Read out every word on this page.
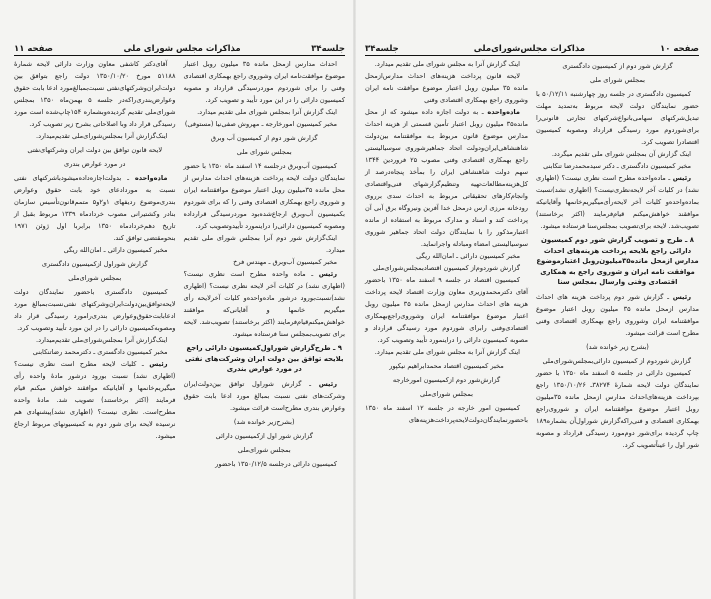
صفحه ۱۱	مذاکرات مجلس شورای ملی	جلسه۳۴
احداث مدارس ازمحل مانده ۳۵ میلیون روبل اعتبار موضوع موافقت‌نامه ایران وشوروی راجع بهمکاری اقتصادی وفنی را برای شوردوم موردرسیدگی قرارداد و مصوبه کمیسیون دارائی را در این مورد تأیید و تصویب کرد.
اینک گزارش آنرا بمجلس شورای ملی تقدیم میدارد.
مخبر کمیسیون امورخارجه ـ مهروش صفی‌نیا (مستوفی)
گزارش شور دوم از کمیسیون آب وبرق
بمجلس شورای ملی
کمیسیون آب‌وبرق درجلسه ۱۴ اسفند ماه ۱۳۵۰ با حضور نمایندگان دولت لایحه پرداخت هزینه‌های احداث مدارس از محل مانده ۳۵میلیون روبل اعتبار موضوع موافقتنامه ایران و شوروی راجع بهمکاری اقتصادی وفنی را که برای شوردوم بکمیسیون آب‌وبرق ارجاع‌شده‌بود موردرسیدگی قرارداده ومصوبه کمیسیون دارائی‌را دراینمورد تأییدوتصویب کرد.
اینک‌گزارش شور دوم آنرا بمجلس شورای ملی تقدیم میدارد.
مخبر کمیسیون آب‌وبرق ـ مهندس فرخ
رئیس ـ ماده واحده مطرح است نظری نیست؟ (اظهاری نشد) در کلیات آخر لایحه نظری نیست؟ (اظهاری نشد)نسبت‌بورود درشور ماده‌واحده‌و کلیات آخرلایحه رأی میگیریم خانمها و آقایانی‌که موافقند خواهش‌میکنم‌قیام‌فرمایند (اکثر برخاستند) تصویب‌شد. لایحه برای تصویب‌بمجلس سنا فرستاده میشود.
۹ ـ طرح‌گزارش شوراول‌کمیسیون دارائی راجع بلایحه توافق بین دولت ایران وشرکت‌های نفتی در مورد عوارض بندری
رئیس ـ گزارش شوراول توافق بین‌دولت‌ایران وشرکت‌های نفتی نسبت بمبالغ مورد ادعا بابت حقوق وعوارض بندری مطرح‌است قرائت میشود.
(بشرح‌زیر خوانده شد)
گزارش شور اول ازکمیسیون دارائی
بمجلس شورای‌ملی
کمیسیون دارائی درجلسه ۱۳۵۰/۱۲/۵ باحضور
آقای‌دکتر کاشفی معاون وزارت دارائی لایحه شمارهٔ ۵۱۱۸۸ مورخ ۱۳۵۰/۱۰/۲۰ دولت راجع بتوافق بین دولت‌ایران‌وشرکتهای‌نفتی نسبت‌بمبالغ‌مورد ادعا بابت حقوق وعوارض‌بندری‌راکه‌در جلسه ۵ بهمن‌ماه ۱۳۵۰ بمجلس شورای‌ملی تقدیم گردیده‌وبشماره ۱۵۴چاپ‌شده است مورد رسیدگی قرار داد وبا اصلاحاتی بشرح زیر تصویب کرد.
اینک‌گزارش آنرا بمجلس‌شورای‌ملی تقدیم‌میدارد.
لایحه قانون توافق بین دولت ایران وشرکتهای‌نفتی
در مورد عوارض بندری
ماده‌واحده ـ بدولت‌اجازه‌داده‌میشود‌باشرکتهای نفتی نسبت به موردادعای خود بابت حقوق وعوارض بندری‌موضوع ردیفهای ۱و۲و۵ متمم‌قانون‌تأسیس سازمان بنادر وکشتیرانی مصوب خردادماه ۱۳۳۹ مربوط بقبل از تاریخ دهم‌خردادماه ۱۳۵۰ برابربا اول ژوئن ۱۹۷۱ بنحومقتضی توافق کند.
مخبر کمیسیون دارائی ـ امان‌الله ریگی
گزارش شوراول ازکمیسیون دادگستری
بمجلس شورای‌ملی
کمیسیون دادگستری باحضور نمایندگان دولت لایحه‌توافق‌بین‌دولت‌ایران‌وشرکتهای نفتی‌نسبت‌بمبالغ مورد ادعابابت‌حقوق‌وعوارض بندری‌رامورد رسیدگی قرار داد ومصوبه‌کمیسیون دارائی را در این مورد تأیید وتصویب کرد.
اینک‌گزارش آنرا بمجلس‌شورای‌ملی تقدیم‌میدارد.
مخبر کمیسیون دادگستری ـ دکترمحمد رضاتنکابنی
رئیس ـ کلیات لایحه مطرح است نظری نیست؟ (اظهاری نشد) نسبت بورود درشور مادهٔ واحده رأی میگیریم‌خانمها و آقایانیکه موافقند خواهش میکنم قیام فرمایند (اکثر برخاستند) تصویب شد. مادهٔ واحده مطرح‌است. نظری نیست؟ (اظهاری نشد)پیشنهادی هم نرسیده لایحه برای شور دوم به کمیسیونهای مربوط ارجاع میشود.
جلسه۳۴	مذاکرات مجلس‌شورای‌ملی	صفحه ۱۰
گزارش شور دوم از کمیسیون دادگستری
بمجلس شورای ملی
کمیسیون دادگستری در جلسه روز چهارشنبه ۵۰/۱۲/۱۱ با حضور نمایندگان دولت لایحه مربوط به‌تمدید مهلت تبدیل‌شرکتهای سهامی‌بانواع‌شرکتهای تجارتی قانونی‌را برای‌شوردوم مورد رسیدگی قرارداد ومصوبه کمیسیون اقتصادرا تصویب کرد.
اینک گزارش آن بمجلس شورای ملی تقدیم میگردد.
مخبر کمیسیون دادگستری ـ دکتر سیدمحمدرضا تنکابنی
رئیس ـ ماده‌واحده مطرح است نظری نیست؟ (اظهاری نشد) در کلیات آخر لایحه‌نظری‌نیست؟ (اظهاری نشد)نسبت بماده‌واحده‌و کلیات آخر لایحه‌رأی‌میگیریم‌خانمها وآقایانیکه موافقند خواهش‌میکنم قیام‌فرمایند (اکثر برخاستند) تصویب‌شد. لایحه برای‌تصویب بمجلس‌سنا فرستاده میشود.
۸ ـ طرح و تصویب گزارش شور دوم کمیسیون دارائی راجع بلایحه پرداخت هزینه‌های احداث مدارس ازمحل مانده۳۵میلیون‌روبل اعتبارموضوع موافقت نامه ایران و شوروی راجع به همکاری اقتصادی وفنی وارسال بمجلس سنا
رئیس ـ گزارش شور دوم پرداخت هزینه های احداث مدارس ازمحل مانده ۳۵ میلیون روبل اعتبار موضوع موافقتنامه ایران وشوروی راجع بهمکاری اقتصادی وفنی مطرح است قرائت میشود.
(بشرح زیر خوانده شد)
گزارش شوردوم از کمیسیون دارائی‌بمجلس‌شورای‌ملی
کمیسیون دارائی در جلسه ۵ اسفند ماه ۱۳۵۰ با حضور نمایندگان دولت لایحه شمارهٔ ۳۸۲۷۴ـ ۱۳۵۰/۱۰/۲۶ راجع بپرداخت هزینه‌های‌احداث مدارس ازمحل مانده ۳۵میلیون روبل اعتبار موضوع موافقتنامه ایران و شوروی‌راجع بهمکاری اقتصادی و فنی‌راکه‌گزارش شوراول‌آن بشماره۱۸۹ چاپ گردیده برای‌شور دوم‌مورد رسیدگی قرارداد و مصوبه شور اول را عیناً‌تصویب کرد.
اینک گزارش آنرا به مجلس شورای ملی تقدیم میدارد.
لایحه قانون پرداخت هزینه‌های احداث مدارس‌ازمحل مانده ۳۵ میلیون روبل اعتبار موضوع موافقت نامه ایران وشوروی راجع بهمکاری اقتصادی وفنی
ماده‌واحده ـ به دولت اجازه داده میشود که از محل مانده۳۵ میلیون روبل اعتبار تأمین قسمتی از هزینه احداث مدارس موضوع قانون مربوط بـه موافقتنامه بین‌دولت شاهنشاهی‌ایران‌ودولت اتحاد جماهیرشوروی سوسیالیستی راجع بهمکاری اقتصادی وفنی مصوب ۲۵ فروردین ۱۳۴۴ سهم دولت شاهنشاهی ایران را بمأخذ پنجاه‌درصد از کل‌هزینه‌مطالعات‌تهیه وتنظیم‌گزارشهای فنی‌واقتصادی وانجام‌کارهای تحقیقاتی مربوط به احداث سدی برروی رودخانه مرزی ارس درمحل خدا آفرین ونیروگاه برق آبی آن پرداخت کند و اسناد و مدارک مربوط به استفاده از مانده اعتبارمذکور را با نمایندگان دولت اتحاد جماهیر شوروی سوسیالیستی امضاء ومبادله واجرانماید.
مخبر کمیسیون دارائی ـ امان‌الله ریگی
گزارش شوردوم‌از کمیسیون اقتصاد‌بمجلس‌شورای‌ملی
کمیسیون اقتصاد در جلسه ۹ اسفند ماه ۱۳۵۰ باحضور آقای دکترمحمدوزیری معاون وزارت اقتصاد لایحه پرداخت هزینه های احداث مدارس ازمحل مانده ۳۵ میلیون روبل اعتبار موضوع موافقتنامه ایران وشوروی‌راجع‌بهمکاری اقتصادی‌وفنی رابرای شوردوم مورد رسیدگی قرارداد و مصوبه کمیسیون دارائی را دراینمورد تأیید وتصویب کرد.
اینک گزارش آنرا به مجلس شورای ملی تقدیم میدارد.
مخبر کمیسیون اقتصاد محمدابراهیم نیکپور
گزارش‌شور دوم ازکمیسیون امورخارجه
بمجلس شورای‌ملی
کمیسیون امور خارجه در جلسه ۱۲ اسفند ماه ۱۳۵۰ باحضورنمایندگان‌دولت‌لایحه‌پرداخت‌هزینه‌های
